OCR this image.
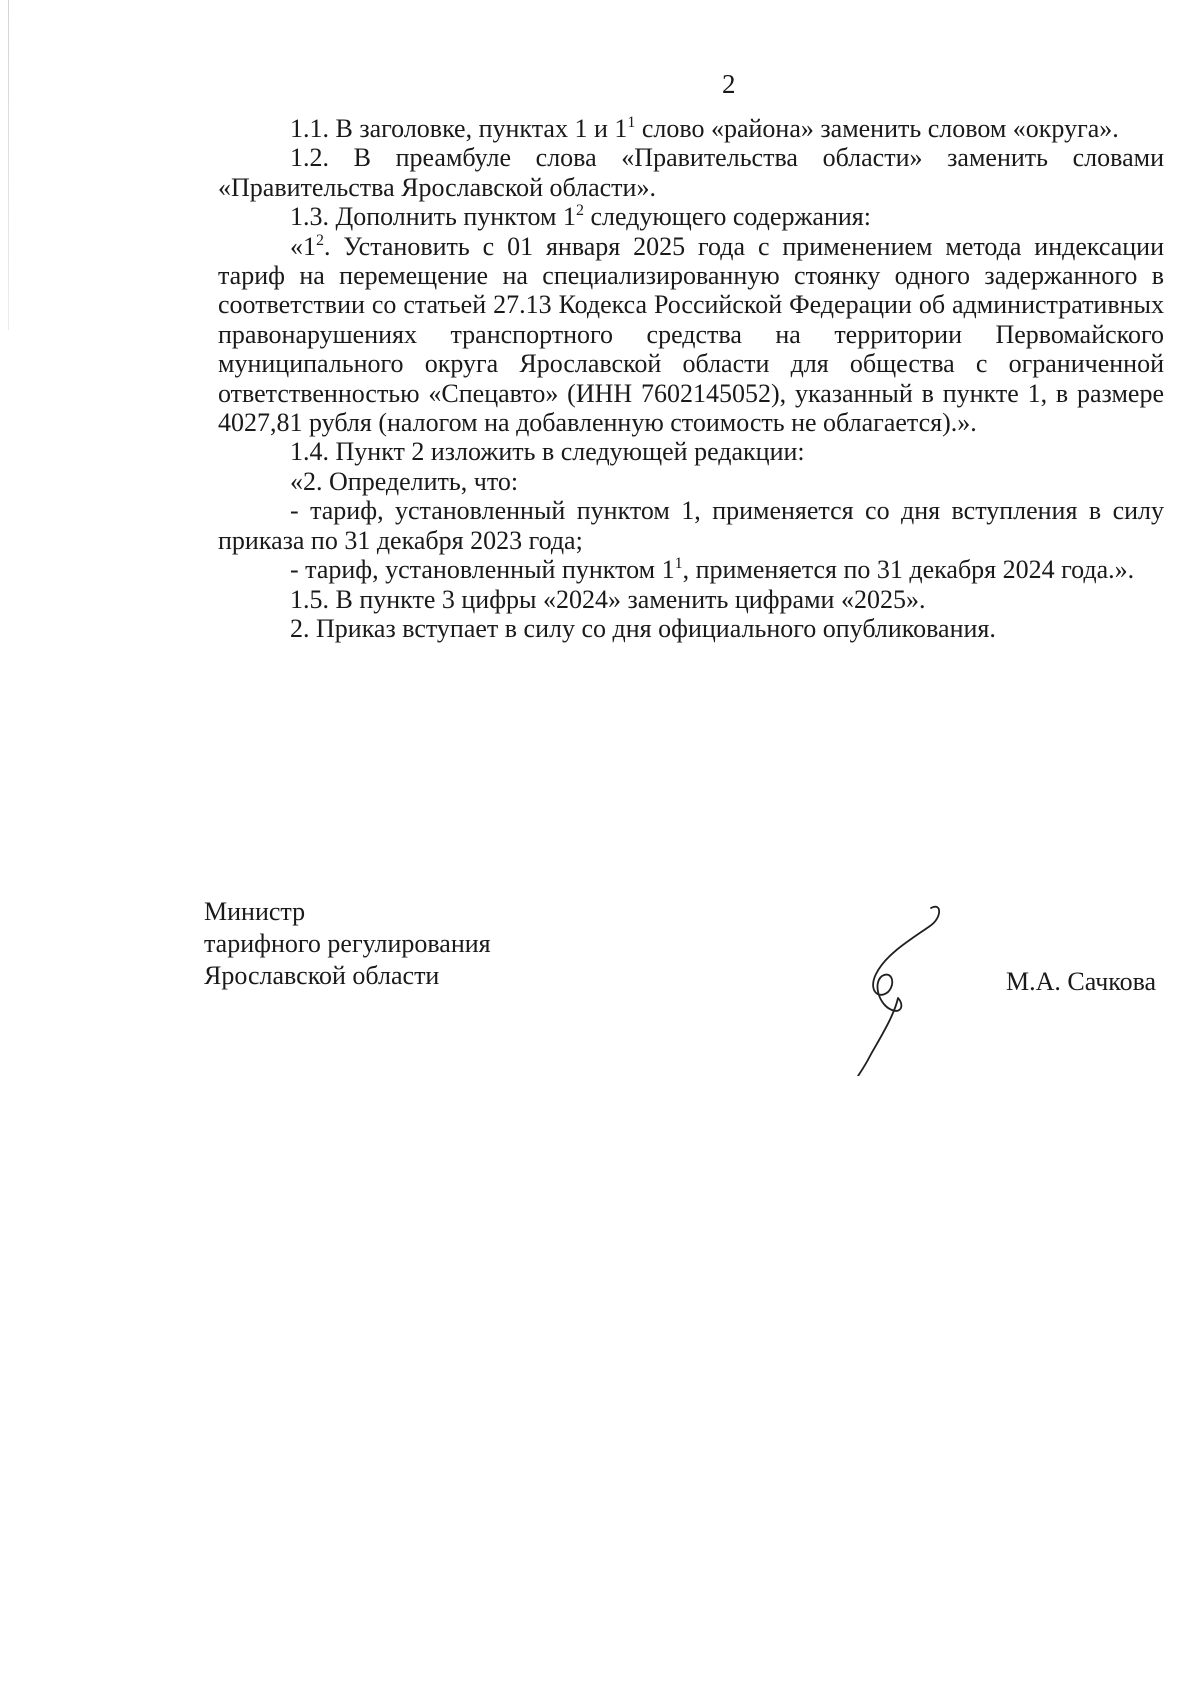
2

1.1. В заголовке, пунктах 1 и $1^1$ слово «района» заменить словом «округа».

1.2. В преамбуле слова «Правительства области» заменить словами «Правительства Ярославской области».

1.3. Дополнить пунктом $1^2$ следующего содержания:

«$1^2$. Установить с 01 января 2025 года с применением метода индексации тариф на перемещение на специализированную стоянку одного задержанного в соответствии со статьей 27.13 Кодекса Российской Федерации об административных правонарушениях транспортного средства на территории Первомайского муниципального округа Ярославской области для общества с ограниченной ответственностью «Спецавто» (ИНН 7602145052), указанный в пункте 1, в размере 4027,81 рубля (налогом на добавленную стоимость не облагается).».

1.4. Пункт 2 изложить в следующей редакции:

«2. Определить, что:

- тариф, установленный пунктом 1, применяется со дня вступления в силу приказа по 31 декабря 2023 года;

- тариф, установленный пунктом $1^1$, применяется по 31 декабря 2024 года.».

1.5. В пункте 3 цифры «2024» заменить цифрами «2025».

2. Приказ вступает в силу со дня официального опубликования.

Министр
тарифного регулирования
Ярославской области	М.А. Сачкова
